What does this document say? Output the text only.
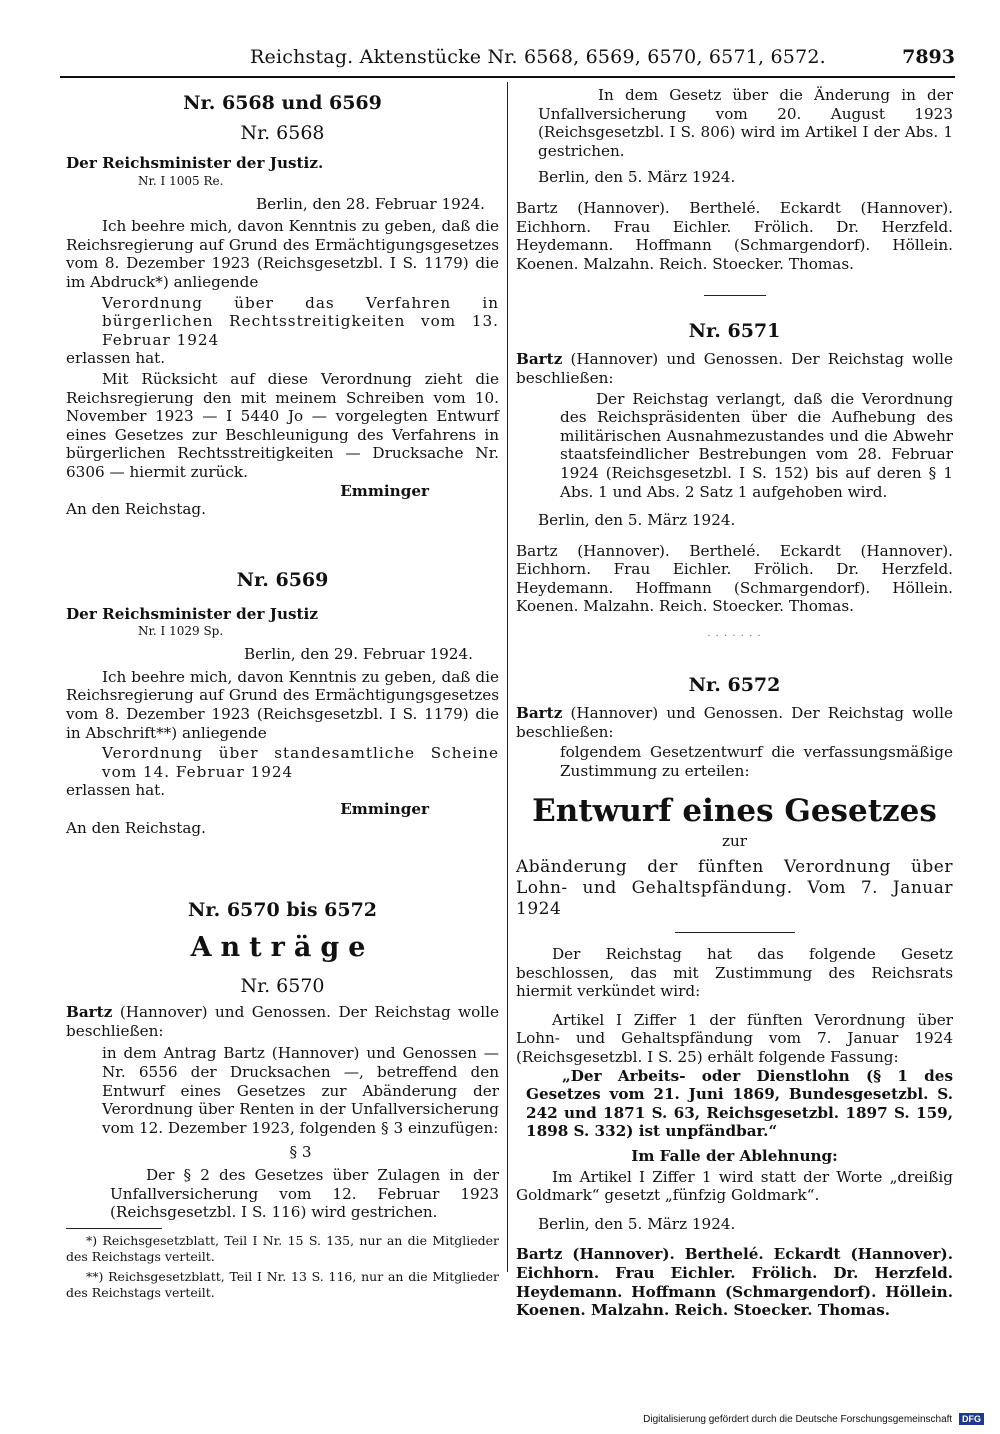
Reichstag. Aktenstücke Nr. 6568, 6569, 6570, 6571, 6572.	7893

Nr. 6568 und 6569

Nr. 6568

Der Reichsminister der Justiz.

Nr. I 1005 Re.

Berlin, den 28. Februar 1924.

Ich beehre mich, davon Kenntnis zu geben, daß die Reichsregierung auf Grund des Ermächtigungsgesetzes vom 8. Dezember 1923 (Reichsgesetzbl. I S. 1179) die im Abdruck*) anliegende

Verordnung über das Verfahren in bürgerlichen Rechtsstreitigkeiten vom 13. Februar 1924

erlassen hat.

Mit Rücksicht auf diese Verordnung zieht die Reichsregierung den mit meinem Schreiben vom 10. November 1923 — I 5440 Jo — vorgelegten Entwurf eines Gesetzes zur Beschleunigung des Verfahrens in bürgerlichen Rechtsstreitigkeiten — Drucksache Nr. 6306 — hiermit zurück.

Emminger

An den Reichstag.

Nr. 6569

Der Reichsminister der Justiz

Nr. I 1029 Sp.

Berlin, den 29. Februar 1924.

Ich beehre mich, davon Kenntnis zu geben, daß die Reichsregierung auf Grund des Ermächtigungsgesetzes vom 8. Dezember 1923 (Reichsgesetzbl. I S. 1179) die in Abschrift**) anliegende

Verordnung über standesamtliche Scheine vom 14. Februar 1924

erlassen hat.

Emminger

An den Reichstag.

Nr. 6570 bis 6572

Anträge

Nr. 6570

Bartz (Hannover) und Genossen. Der Reichstag wolle beschließen:

in dem Antrag Bartz (Hannover) und Genossen — Nr. 6556 der Drucksachen —, betreffend den Entwurf eines Gesetzes zur Abänderung der Verordnung über Renten in der Unfallversicherung vom 12. Dezember 1923, folgenden § 3 einzufügen:

§ 3

Der § 2 des Gesetzes über Zulagen in der Unfallversicherung vom 12. Februar 1923 (Reichsgesetzbl. I S. 116) wird gestrichen.

*) Reichsgesetzblatt, Teil I Nr. 15 S. 135, nur an die Mitglieder des Reichstags verteilt.

**) Reichsgesetzblatt, Teil I Nr. 13 S. 116, nur an die Mitglieder des Reichstags verteilt.

In dem Gesetz über die Änderung in der Unfallversicherung vom 20. August 1923 (Reichsgesetzbl. I S. 806) wird im Artikel I der Abs. 1 gestrichen.

Berlin, den 5. März 1924.

Bartz (Hannover). Berthelé. Eckardt (Hannover). Eichhorn. Frau Eichler. Frölich. Dr. Herzfeld. Heydemann. Hoffmann (Schmargendorf). Höllein. Koenen. Malzahn. Reich. Stoecker. Thomas.

Nr. 6571

Bartz (Hannover) und Genossen. Der Reichstag wolle beschließen:

Der Reichstag verlangt, daß die Verordnung des Reichspräsidenten über die Aufhebung des militärischen Ausnahmezustandes und die Abwehr staatsfeindlicher Bestrebungen vom 28. Februar 1924 (Reichsgesetzbl. I S. 152) bis auf deren § 1 Abs. 1 und Abs. 2 Satz 1 aufgehoben wird.

Berlin, den 5. März 1924.

Bartz (Hannover). Berthelé. Eckardt (Hannover). Eichhorn. Frau Eichler. Frölich. Dr. Herzfeld. Heydemann. Hoffmann (Schmargendorf). Höllein. Koenen. Malzahn. Reich. Stoecker. Thomas.

· · · · · · ·

Nr. 6572

Bartz (Hannover) und Genossen. Der Reichstag wolle beschließen:

folgendem Gesetzentwurf die verfassungsmäßige Zustimmung zu erteilen:

Entwurf eines Gesetzes

zur

Abänderung der fünften Verordnung über Lohn- und Gehaltspfändung. Vom 7. Januar 1924

Der Reichstag hat das folgende Gesetz beschlossen, das mit Zustimmung des Reichsrats hiermit verkündet wird:

Artikel I Ziffer 1 der fünften Verordnung über Lohn- und Gehaltspfändung vom 7. Januar 1924 (Reichsgesetzbl. I S. 25) erhält folgende Fassung:

„Der Arbeits- oder Dienstlohn (§ 1 des Gesetzes vom 21. Juni 1869, Bundesgesetzbl. S. 242 und 1871 S. 63, Reichsgesetzbl. 1897 S. 159, 1898 S. 332) ist unpfändbar.“

Im Falle der Ablehnung:

Im Artikel I Ziffer 1 wird statt der Worte „dreißig Goldmark“ gesetzt „fünfzig Goldmark“.

Berlin, den 5. März 1924.

Bartz (Hannover). Berthelé. Eckardt (Hannover). Eichhorn. Frau Eichler. Frölich. Dr. Herzfeld. Heydemann. Hoffmann (Schmargendorf). Höllein. Koenen. Malzahn. Reich. Stoecker. Thomas.

Digitalisierung gefördert durch die Deutsche Forschungsgemeinschaft DFG
